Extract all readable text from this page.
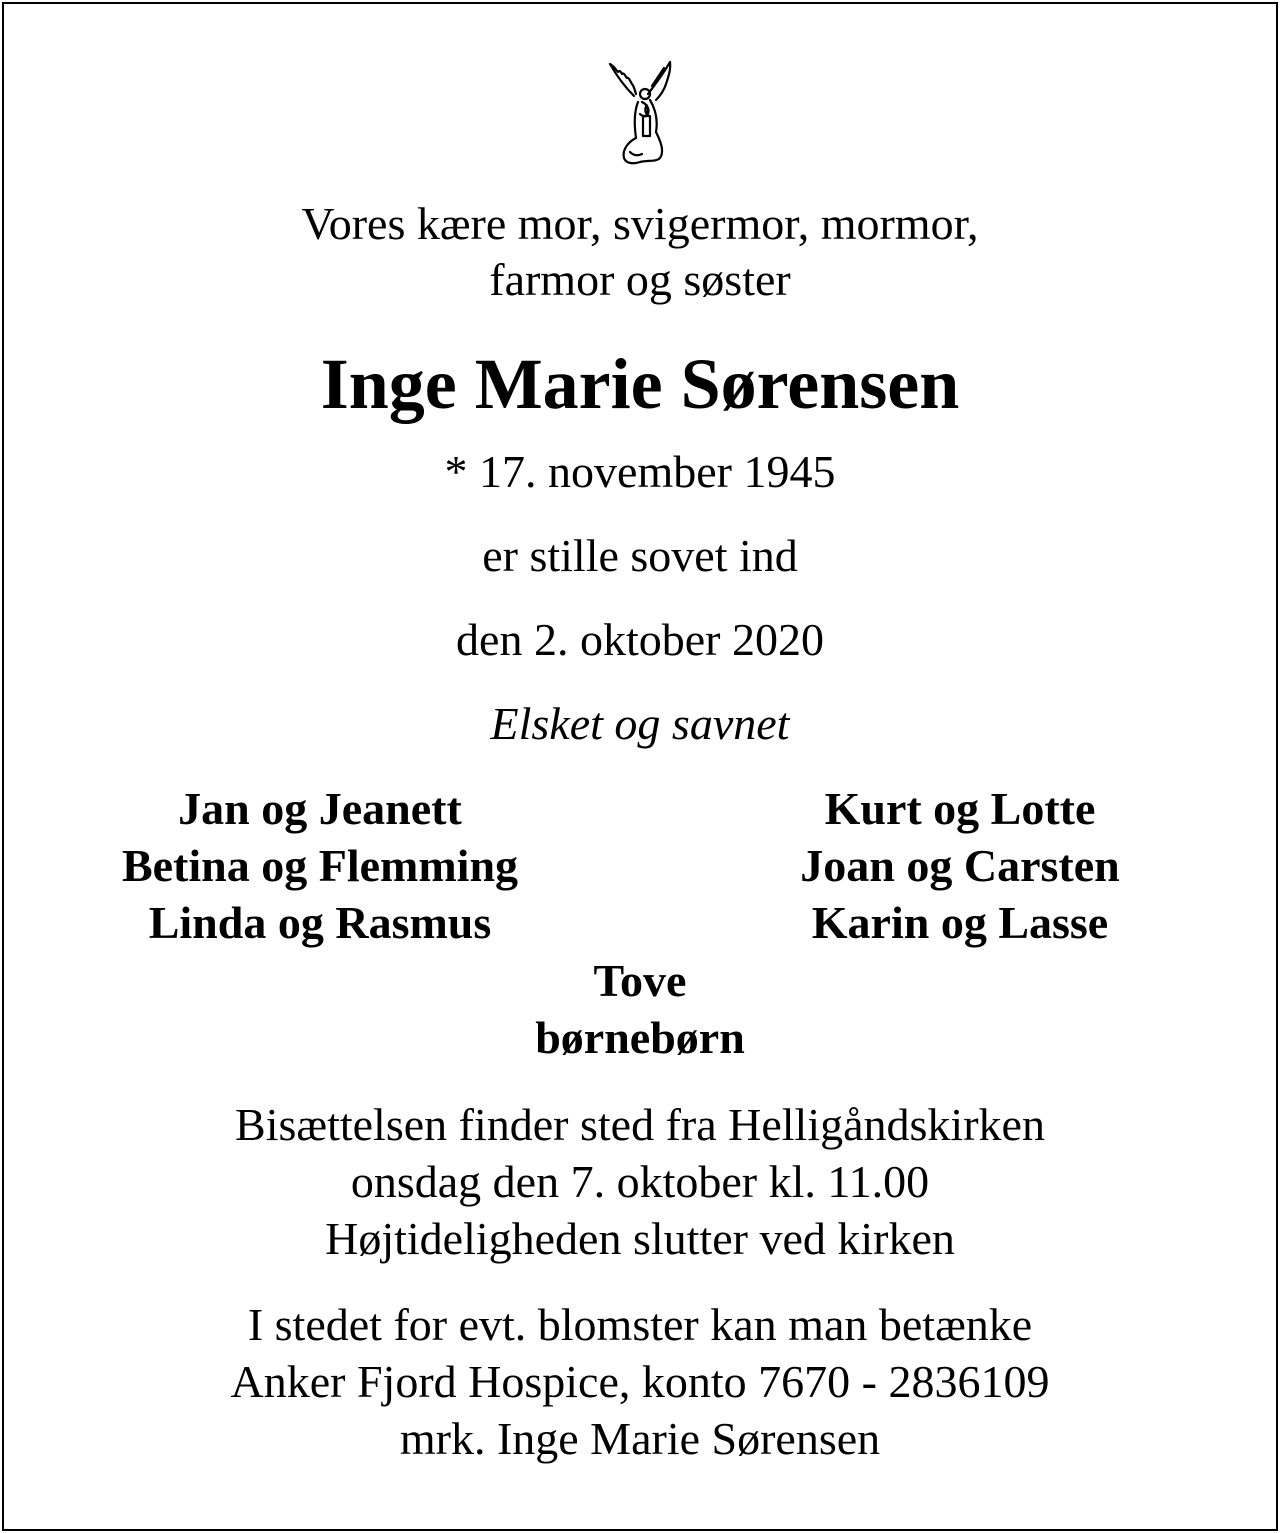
Vores kære mor, svigermor, mormor,
farmor og søster
Inge Marie Sørensen
* 17. november 1945
er stille sovet ind
den 2. oktober 2020
Elsket og savnet
Jan og Jeanett
Betina og Flemming
Linda og Rasmus
Kurt og Lotte
Joan og Carsten
Karin og Lasse
Tove
børnebørn
Bisættelsen finder sted fra Helligåndskirken
onsdag den 7. oktober kl. 11.00
Højtideligheden slutter ved kirken
I stedet for evt. blomster kan man betænke
Anker Fjord Hospice, konto 7670 - 2836109
mrk. Inge Marie Sørensen
